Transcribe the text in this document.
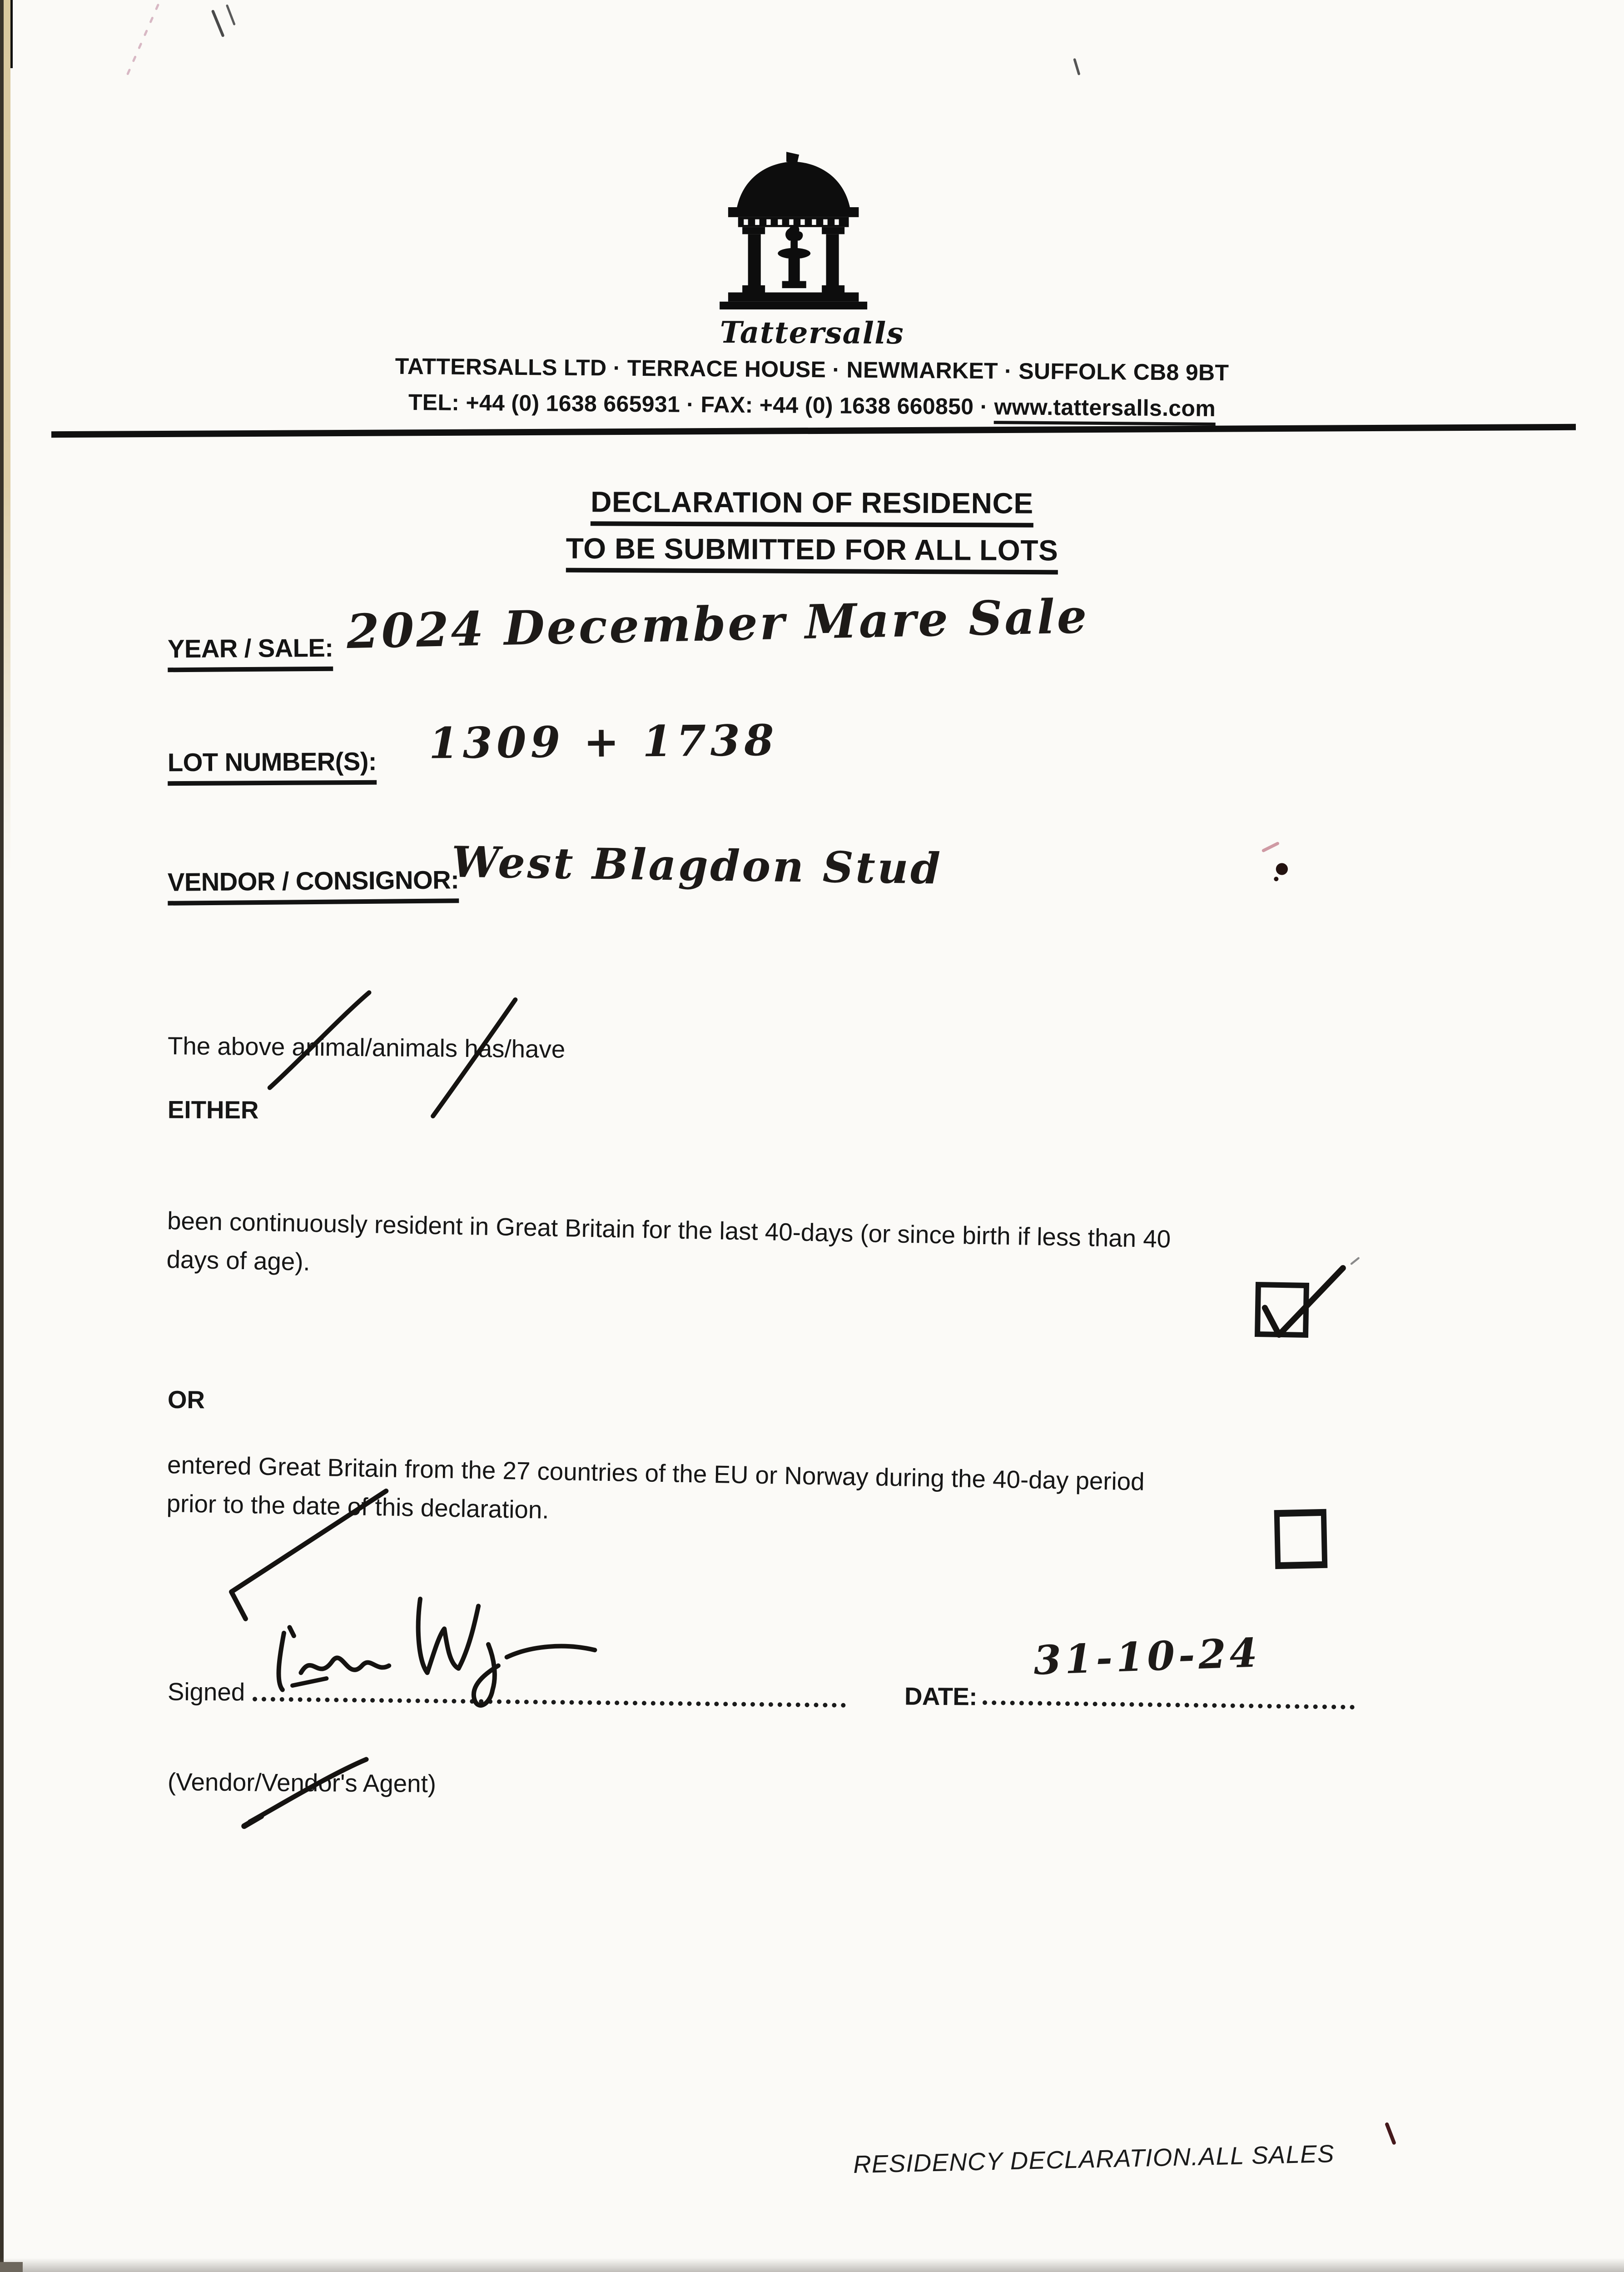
Tattersalls
TATTERSALLS LTD · TERRACE HOUSE · NEWMARKET · SUFFOLK CB8 9BT
TEL: +44 (0) 1638 665931 · FAX: +44 (0) 1638 660850 · www.tattersalls.com
DECLARATION OF RESIDENCE
TO BE SUBMITTED FOR ALL LOTS
YEAR / SALE: 2024 December Mare Sale
LOT NUMBER(S):	1309 + 1738
VENDOR / CONSIGNOR:
West Blagdon Stud
The above animal/animals has/have
EITHER
been continuously resident in Great Britain for the last 40-days (or since birth if less than 40
days of age).
OR
entered Great Britain from the 27 countries of the EU or Norway during the 40-day period
prior to the date of this declaration.
Signed	DATE:
31-10-24
(Vendor/Vendor's Agent)
RESIDENCY DECLARATION.ALL SALES
